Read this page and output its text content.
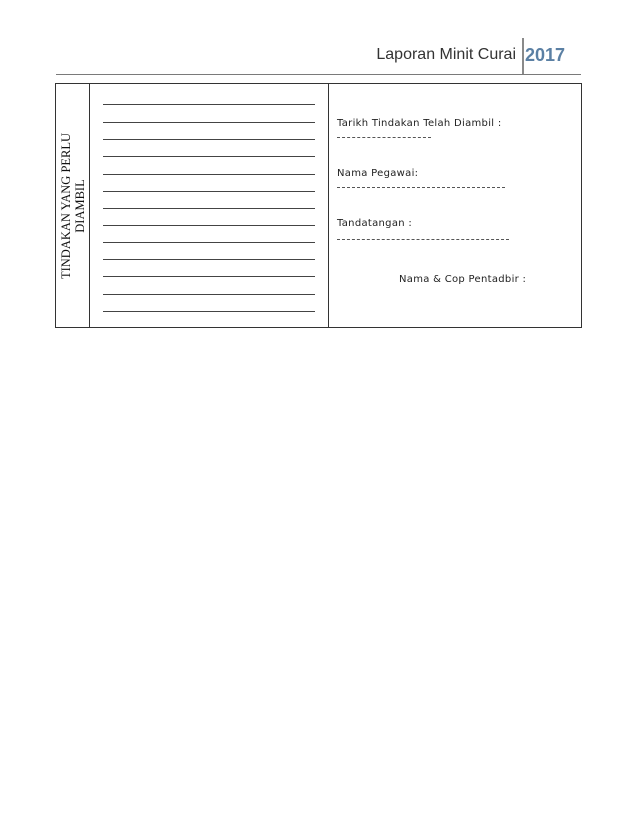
Laporan Minit Curai 2017
TINDAKAN YANG PERLU DIAMBIL
Tarikh Tindakan Telah Diambil :
Nama Pegawai:
Tandatangan :
Nama & Cop Pentadbir :
